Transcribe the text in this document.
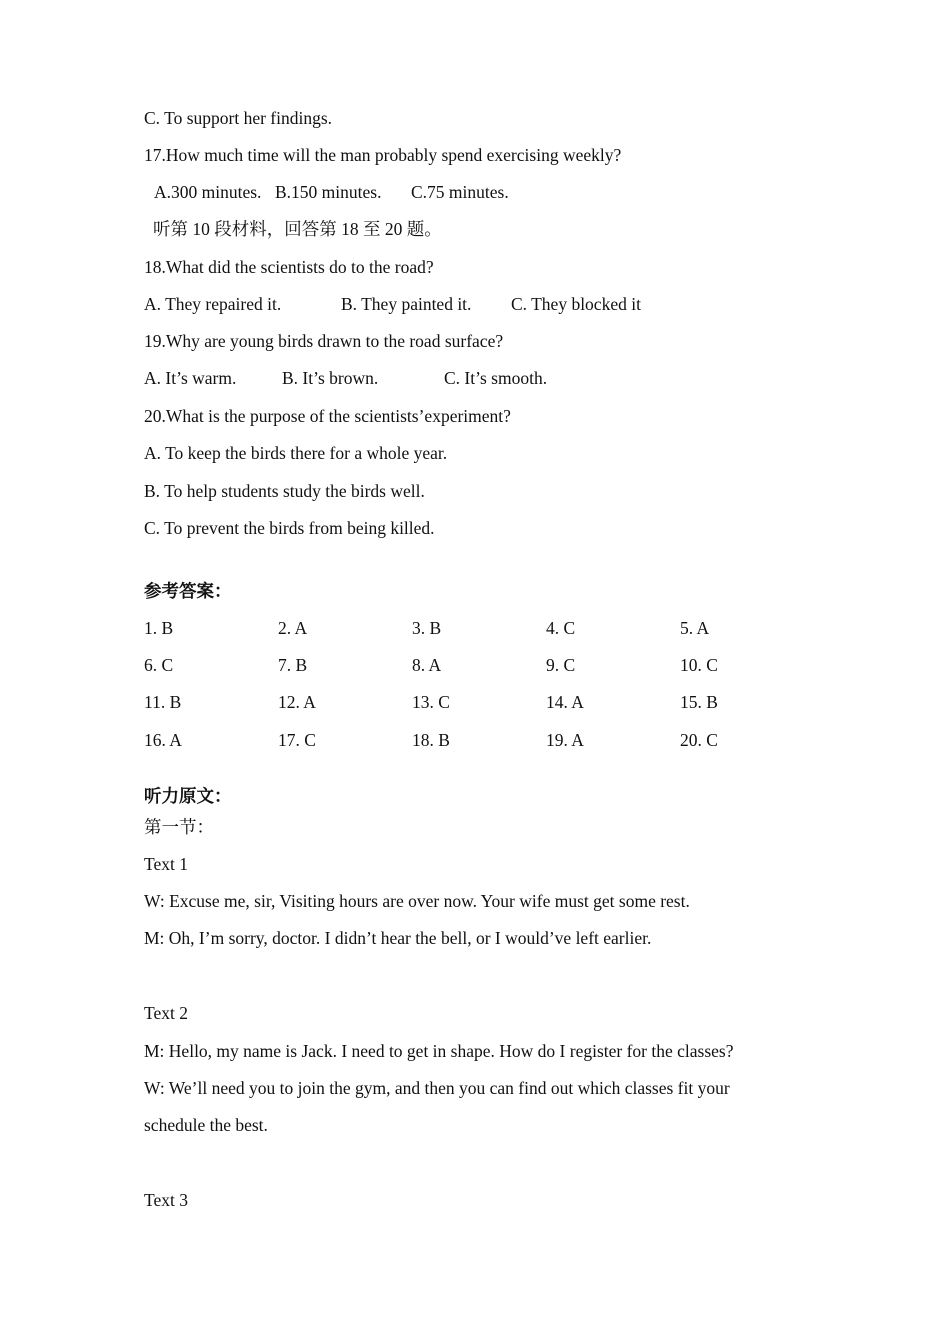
C. To support her findings.
17.How much time will the man probably spend exercising weekly?
A.300 minutes. B.150 minutes. C.75 minutes.
听第 10 段材料，回答第 18 至 20 题。
18.What did the scientists do to the road?
A. They repaired it.	B. They painted it. C. They blocked it
19.Why are young birds drawn to the road surface?
A. It’s warm.	B. It’s brown.	C. It’s smooth.
20.What is the purpose of the scientists’experiment?
A. To keep the birds there for a whole year.
B. To help students study the birds well.
C. To prevent the birds from being killed.
参考答案：
1. B	2. A	3. B	4. C	5. A
6. C	7. B	8. A	9. C	10. C
11. B	12. A	13. C	14. A	15. B
16. A	17. C	18. B	19. A	20. C
听力原文：
第一节：
Text 1
W: Excuse me, sir, Visiting hours are over now. Your wife must get some rest.
M: Oh, I’m sorry, doctor. I didn’t hear the bell, or I would’ve left earlier.
Text 2
M: Hello, my name is Jack. I need to get in shape. How do I register for the classes?
W: We’ll need you to join the gym, and then you can find out which classes fit your
schedule the best.
Text 3
